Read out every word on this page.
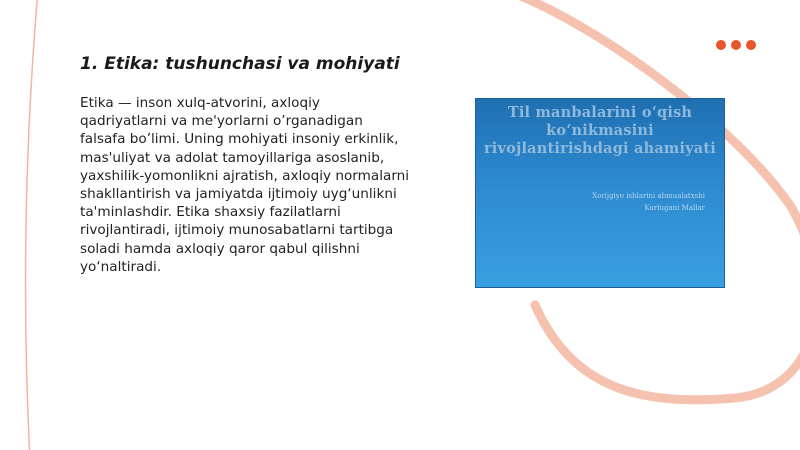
1. Etika: tushunchasi va mohiyati

Etika — inson xulq-atvorini, axloqiy qadriyatlarni va me'yorlarni o’rganadigan falsafa bo’limi. Uning mohiyati insoniy erkinlik, mas'uliyat va adolat tamoyillariga asoslanib, yaxshilik-yomonlikni ajratish, axloqiy normalarni shakllantirish va jamiyatda ijtimoiy uyg‘unlikni ta'minlashdir. Etika shaxsiy fazilatlarni rivojlantiradi, ijtimoiy munosabatlarni tartibga soladi hamda axloqiy qaror qabul qilishni yo‘naltiradi.

Til manbalarini o‘qish ko‘nikmasini rivojlantirishdagi ahamiyati

Xorijgiyo ishlarini abmualatxshi
Kurlugani Mallar
